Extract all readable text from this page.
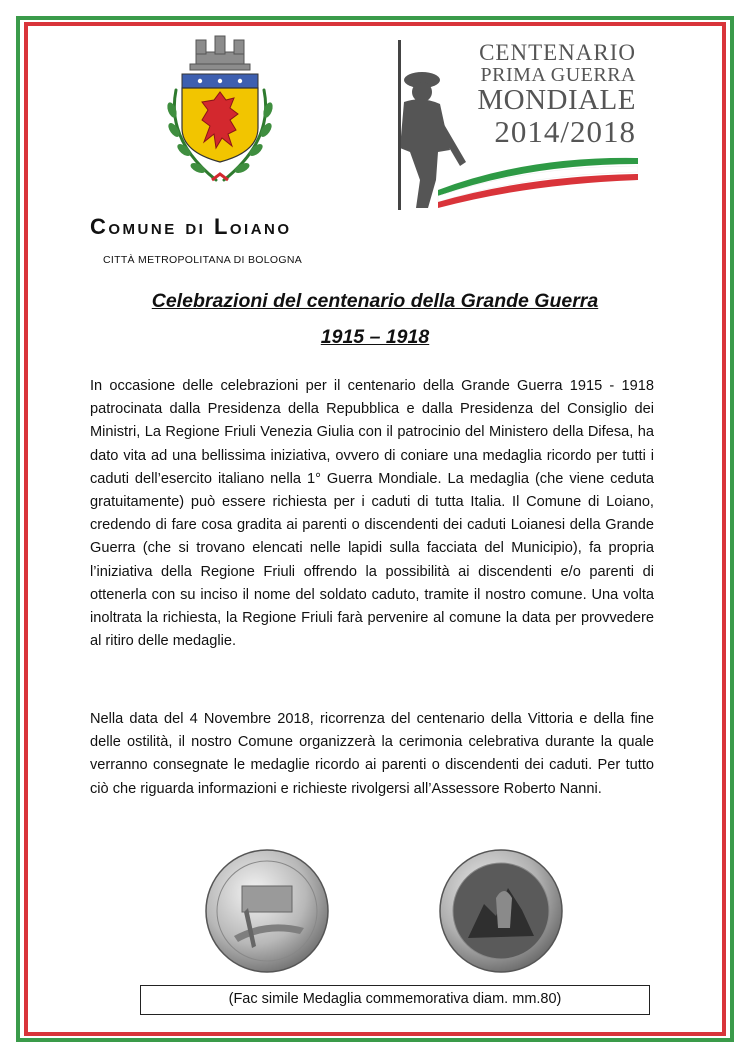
CENTENARIO
PRIMA GUERRA
MONDIALE
2014/2018
Comune di Loiano
CITTÀ METROPOLITANA DI BOLOGNA
Celebrazioni del centenario della Grande Guerra
1915 – 1918
In occasione delle celebrazioni per il centenario della Grande Guerra 1915 - 1918 patrocinata dalla Presidenza della Repubblica e dalla Presidenza del Consiglio dei Ministri, La Regione Friuli Venezia Giulia con il patrocinio del Ministero della Difesa, ha dato vita ad una bellissima iniziativa, ovvero di coniare una medaglia ricordo per tutti i caduti dell’esercito italiano nella 1° Guerra Mondiale. La medaglia (che viene ceduta gratuitamente) può essere richiesta per i caduti di tutta Italia. Il Comune di Loiano, credendo di fare cosa gradita ai parenti o discendenti dei caduti Loianesi della Grande Guerra (che si trovano elencati nelle lapidi sulla facciata del Municipio), fa propria l’iniziativa della Regione Friuli offrendo la possibilità ai discendenti e/o parenti di ottenerla con su inciso il nome del soldato caduto, tramite il nostro comune. Una volta inoltrata la richiesta, la Regione Friuli farà pervenire al comune la data per provvedere al ritiro delle medaglie.
Nella data del 4 Novembre 2018, ricorrenza del centenario della Vittoria e della fine delle ostilità, il nostro Comune organizzerà la cerimonia celebrativa durante la quale verranno consegnate le medaglie ricordo ai parenti o discendenti dei caduti. Per tutto ciò che riguarda informazioni e richieste rivolgersi all’Assessore Roberto Nanni.
(Fac simile Medaglia commemorativa diam. mm.80)
